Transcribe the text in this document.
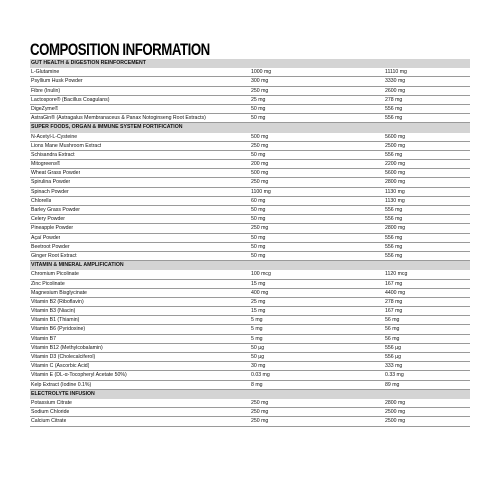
COMPOSITION INFORMATION
GUT HEALTH & DIGESTION REINFORCEMENT
L-Glutamine	1000 mg	11110 mg
Psyllium Husk Powder	300 mg	3330 mg
Fibre (Inulin)	250 mg	2600 mg
Lactospore® (Bacillus Coagulans)	25 mg	278 mg
DigeZyme®	50 mg	556 mg
AstraGin® (Astragalus Membranaceus & Panax Notoginseng Root Extracts)	50 mg	556 mg
SUPER FOODS, ORGAN & IMMUNE SYSTEM FORTIFICATION
N-Acetyl-L-Cysteine	500 mg	5600 mg
Lions Mane Mushroom Extract	250 mg	2500 mg
Schisandra Extract	50 mg	556 mg
Mitogreens®	200 mg	2200 mg
Wheat Grass Powder	500 mg	5600 mg
Spirulina Powder	250 mg	2800 mg
Spinach Powder	1100 mg	1130 mg
Chlorella	60 mg	1130 mg
Barley Grass Powder	50 mg	556 mg
Celery Powder	50 mg	556 mg
Pineapple Powder	250 mg	2800 mg
Açaí Powder	50 mg	556 mg
Beetroot Powder	50 mg	556 mg
Ginger Root Extract	50 mg	556 mg
VITAMIN & MINERAL AMPLIFICATION
Chromium Picolinate	100 mcg	1120 mcg
Zinc Picolinate	15 mg	167 mg
Magnesium Bisglycinate	400 mg	4400 mg
Vitamin B2 (Riboflavin)	25 mg	278 mg
Vitamin B3 (Niacin)	15 mg	167 mg
Vitamin B1 (Thiamin)	5 mg	56 mg
Vitamin B6 (Pyridoxine)	5 mg	56 mg
Vitamin B7	5 mg	56 mg
Vitamin B12 (Methylcobalamin)	50 µg	556 µg
Vitamin D3 (Cholecalciferol)	50 µg	556 µg
Vitamin C (Ascorbic Acid)	30 mg	333 mg
Vitamin E (DL-α-Tocopheryl Acetate 50%)	0.03 mg	0.33 mg
Kelp Extract (Iodine 0.1%)	8 mg	89 mg
ELECTROLYTE INFUSION
Potassium Citrate	250 mg	2800 mg
Sodium Chloride	250 mg	2500 mg
Calcium Citrate	250 mg	2500 mg
